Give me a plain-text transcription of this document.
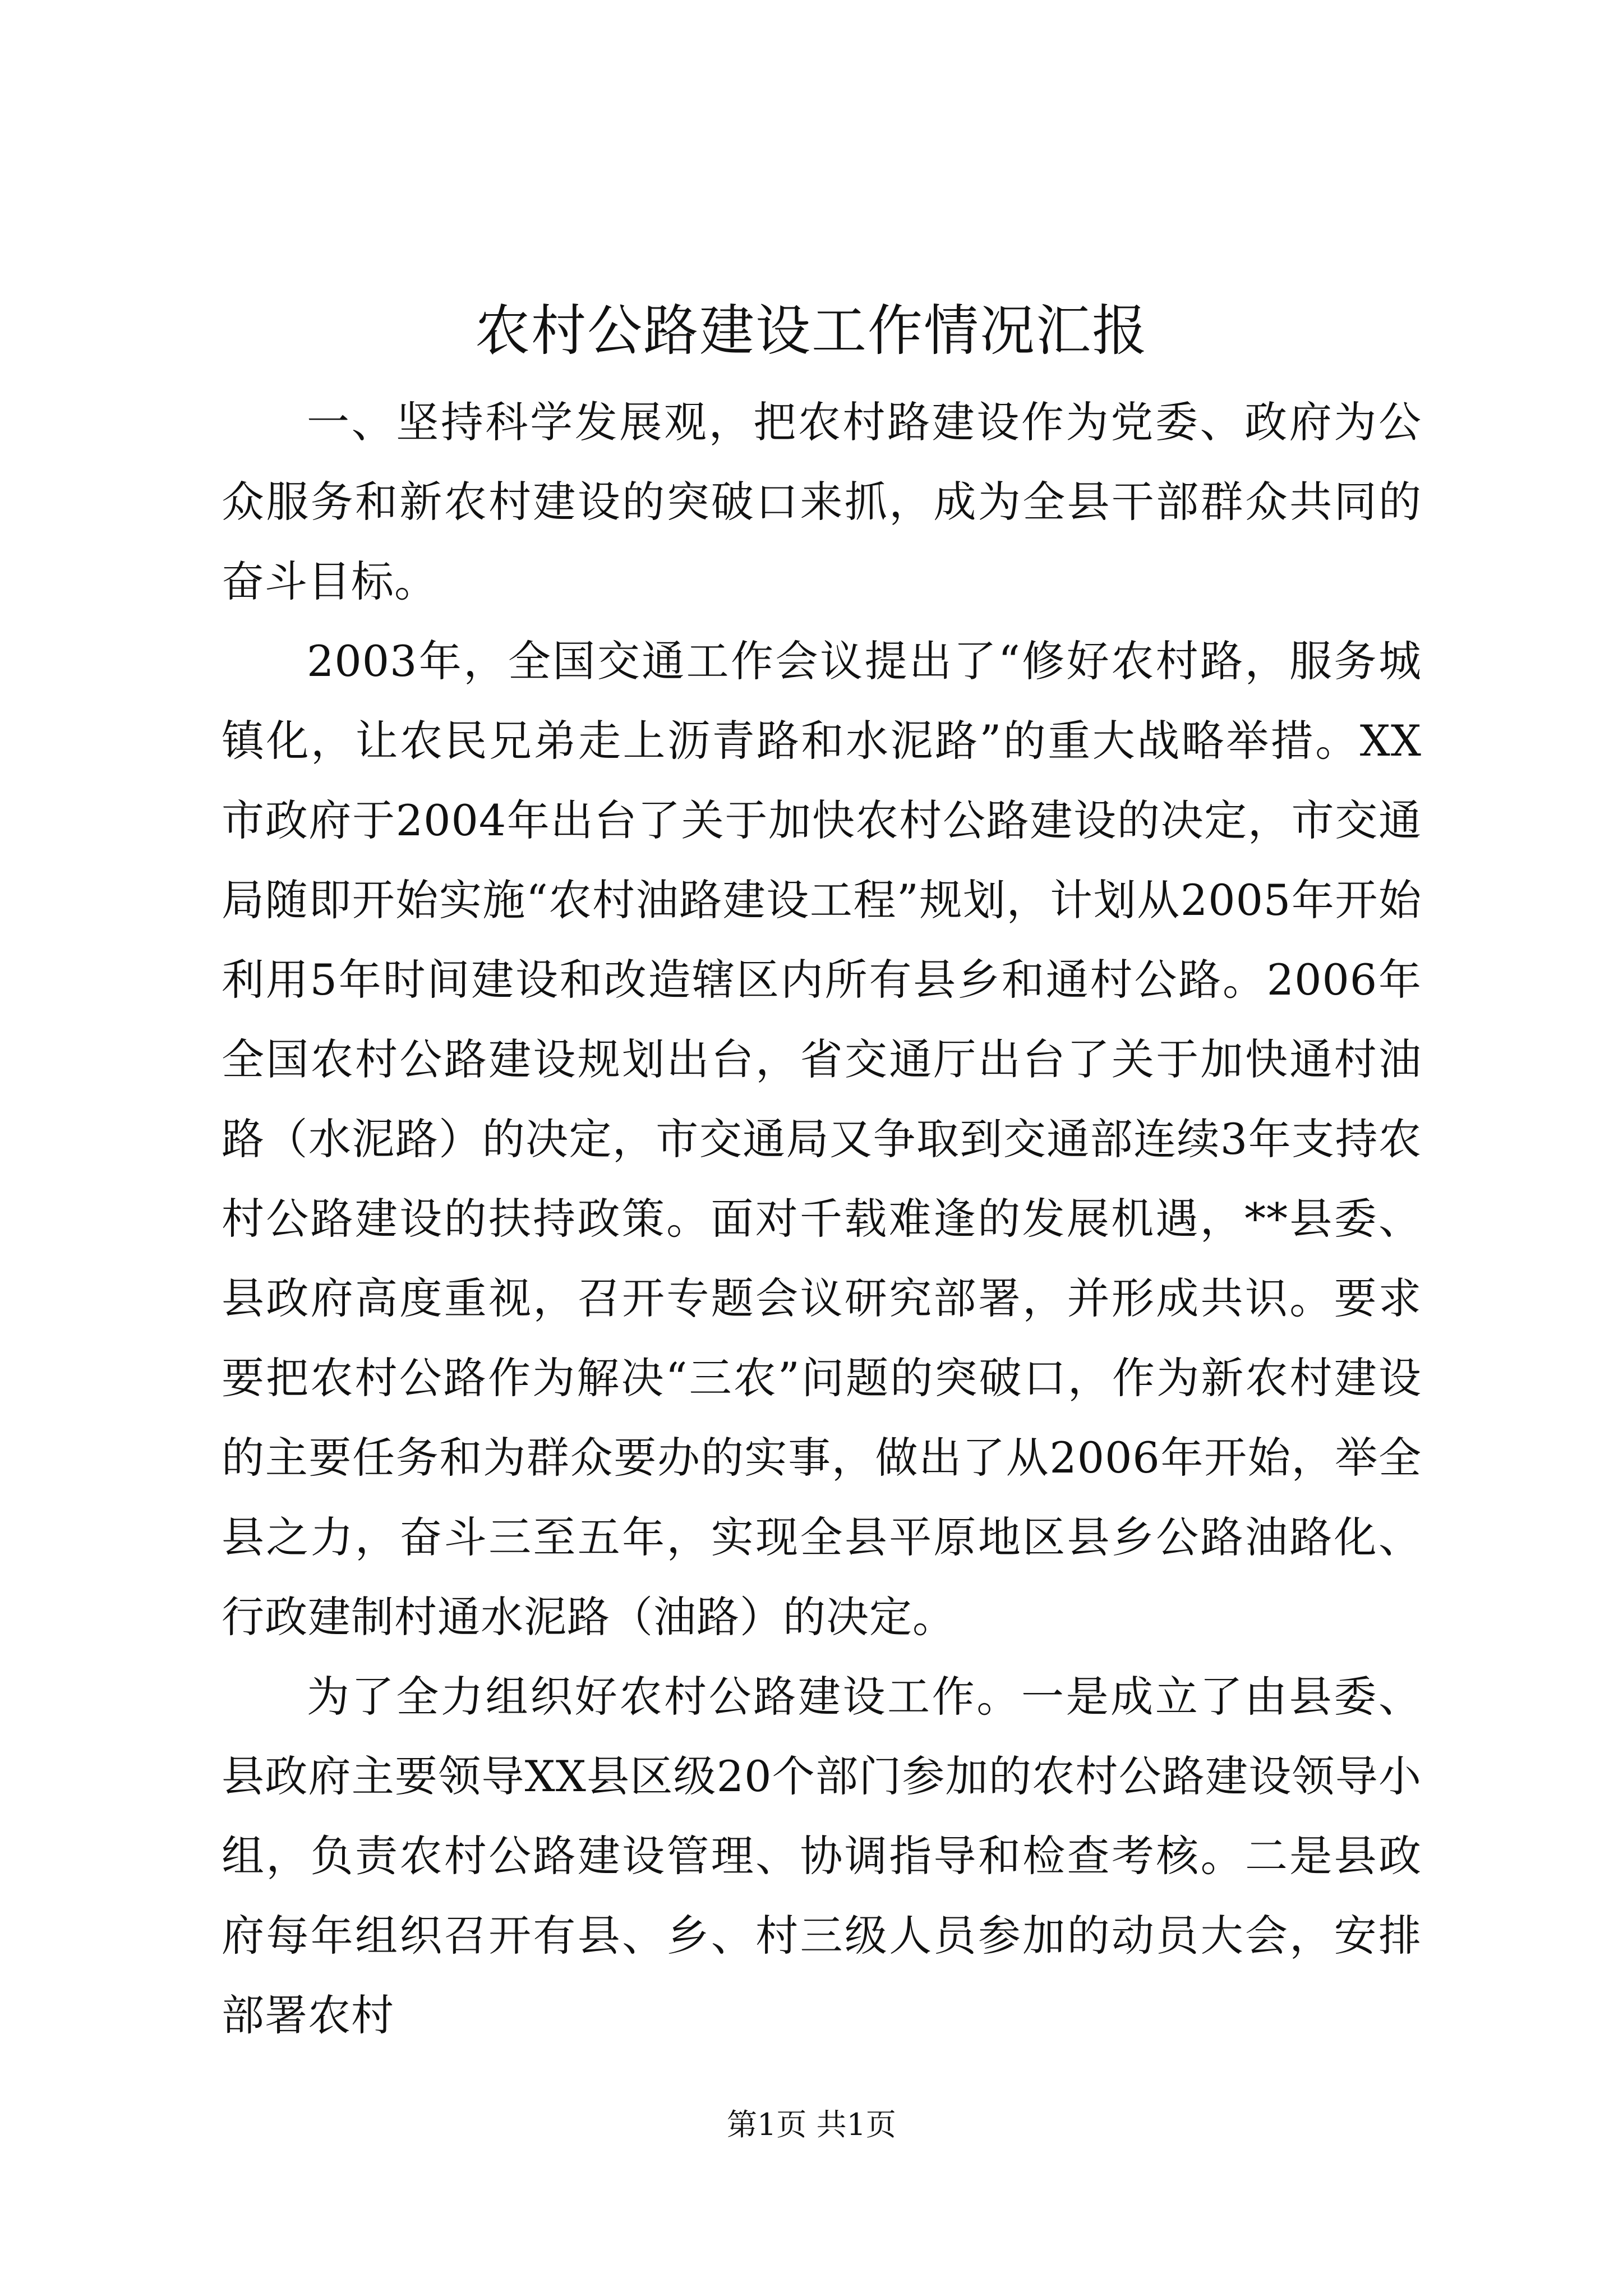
农村公路建设工作情况汇报

一、坚持科学发展观，把农村路建设作为党委、政府为公众服务和新农村建设的突破口来抓，成为全县干部群众共同的奋斗目标。

2003年，全国交通工作会议提出了“修好农村路，服务城镇化，让农民兄弟走上沥青路和水泥路”的重大战略举措。XX市政府于2004年出台了关于加快农村公路建设的决定，市交通局随即开始实施“农村油路建设工程”规划，计划从2005年开始利用5年时间建设和改造辖区内所有县乡和通村公路。2006年全国农村公路建设规划出台，省交通厅出台了关于加快通村油路（水泥路）的决定，市交通局又争取到交通部连续3年支持农村公路建设的扶持政策。面对千载难逢的发展机遇，**县委、县政府高度重视，召开专题会议研究部署，并形成共识。要求要把农村公路作为解决“三农”问题的突破口，作为新农村建设的主要任务和为群众要办的实事，做出了从2006年开始，举全县之力，奋斗三至五年，实现全县平原地区县乡公路油路化、行政建制村通水泥路（油路）的决定。

为了全力组织好农村公路建设工作。一是成立了由县委、县政府主要领导XX县区级20个部门参加的农村公路建设领导小组，负责农村公路建设管理、协调指导和检查考核。二是县政府每年组织召开有县、乡、村三级人员参加的动员大会，安排部署农村

第1页 共1页
